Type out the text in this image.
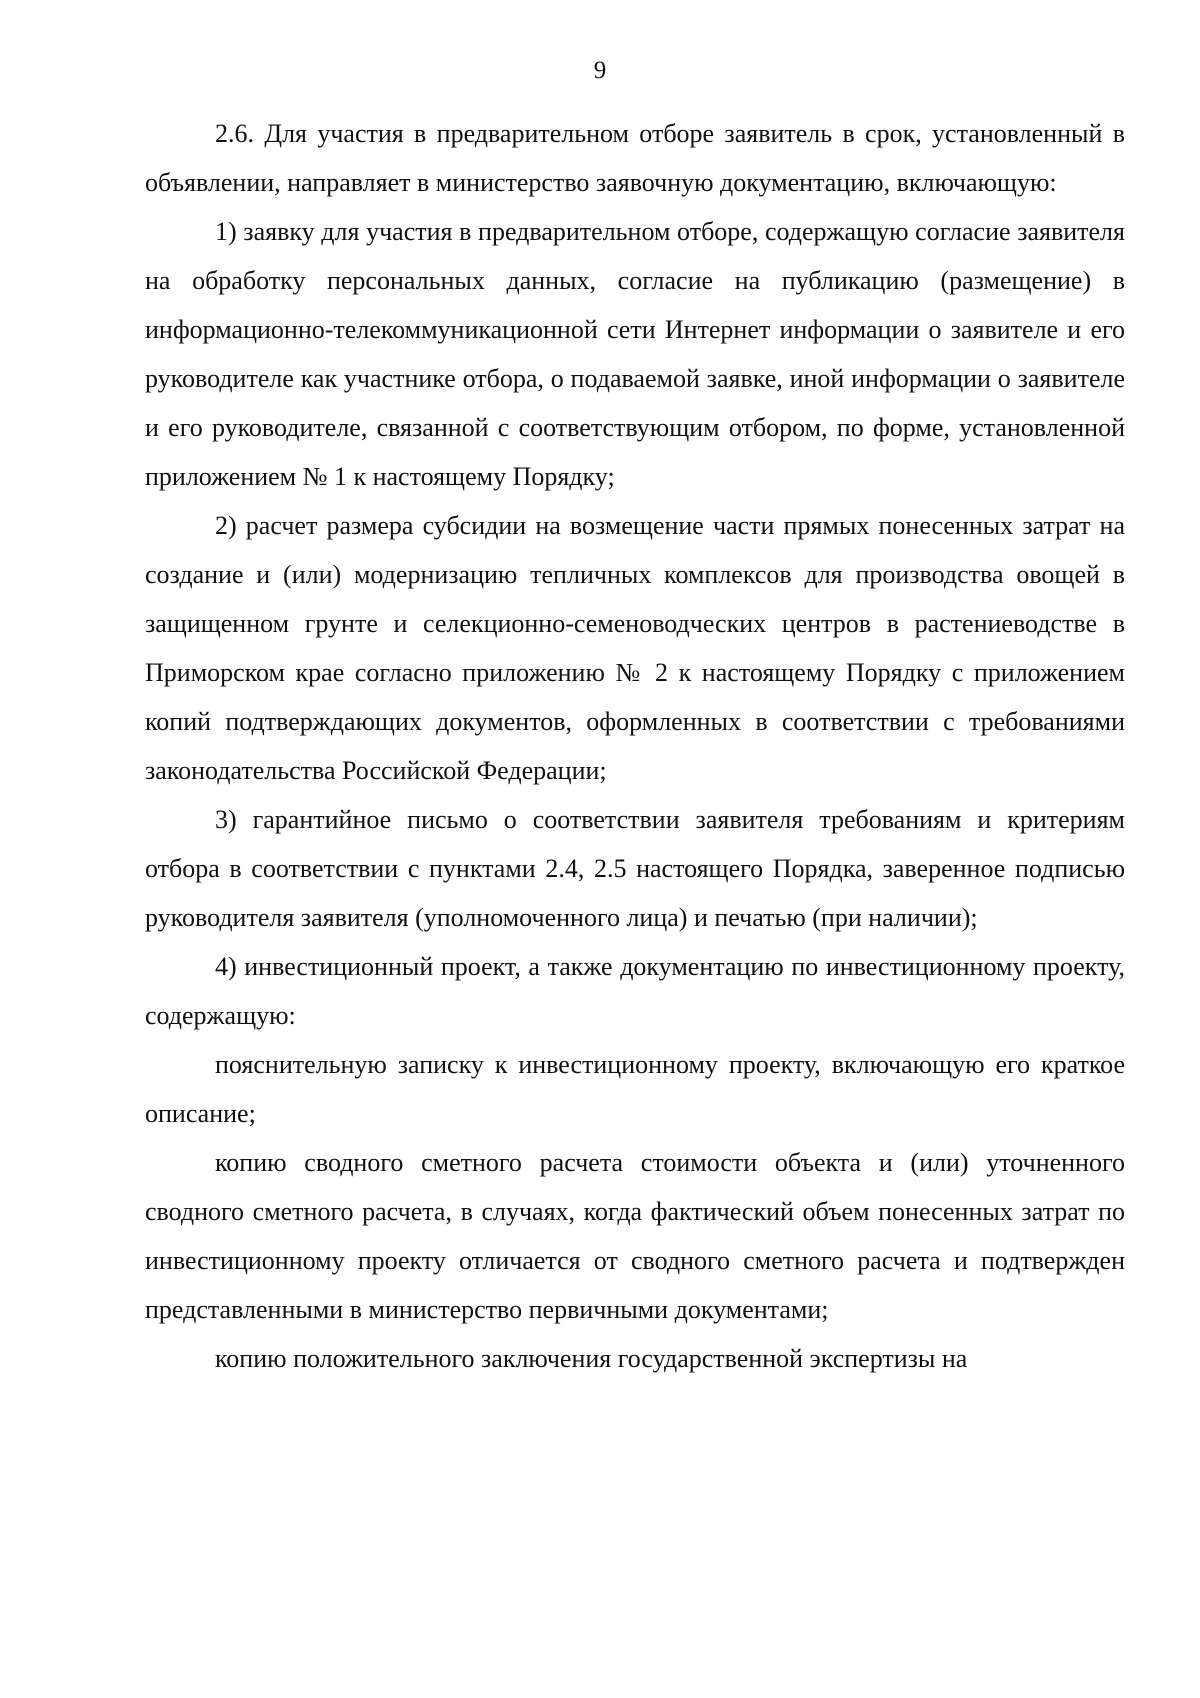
9

2.6. Для участия в предварительном отборе заявитель в срок, установленный в объявлении, направляет в министерство заявочную документацию, включающую:

1) заявку для участия в предварительном отборе, содержащую согласие заявителя на обработку персональных данных, согласие на публикацию (размещение) в информационно-телекоммуникационной сети Интернет информации о заявителе и его руководителе как участнике отбора, о подаваемой заявке, иной информации о заявителе и его руководителе, связанной с соответствующим отбором, по форме, установленной приложением № 1 к настоящему Порядку;

2) расчет размера субсидии на возмещение части прямых понесенных затрат на создание и (или) модернизацию тепличных комплексов для производства овощей в защищенном грунте и селекционно-семеноводческих центров в растениеводстве в Приморском крае согласно приложению № 2 к настоящему Порядку с приложением копий подтверждающих документов, оформленных в соответствии с требованиями законодательства Российской Федерации;

3) гарантийное письмо о соответствии заявителя требованиям и критериям отбора в соответствии с пунктами 2.4, 2.5 настоящего Порядка, заверенное подписью руководителя заявителя (уполномоченного лица) и печатью (при наличии);

4) инвестиционный проект, а также документацию по инвестиционному проекту, содержащую:

пояснительную записку к инвестиционному проекту, включающую его краткое описание;

копию сводного сметного расчета стоимости объекта и (или) уточненного сводного сметного расчета, в случаях, когда фактический объем понесенных затрат по инвестиционному проекту отличается от сводного сметного расчета и подтвержден представленными в министерство первичными документами;

копию положительного заключения государственной экспертизы на
